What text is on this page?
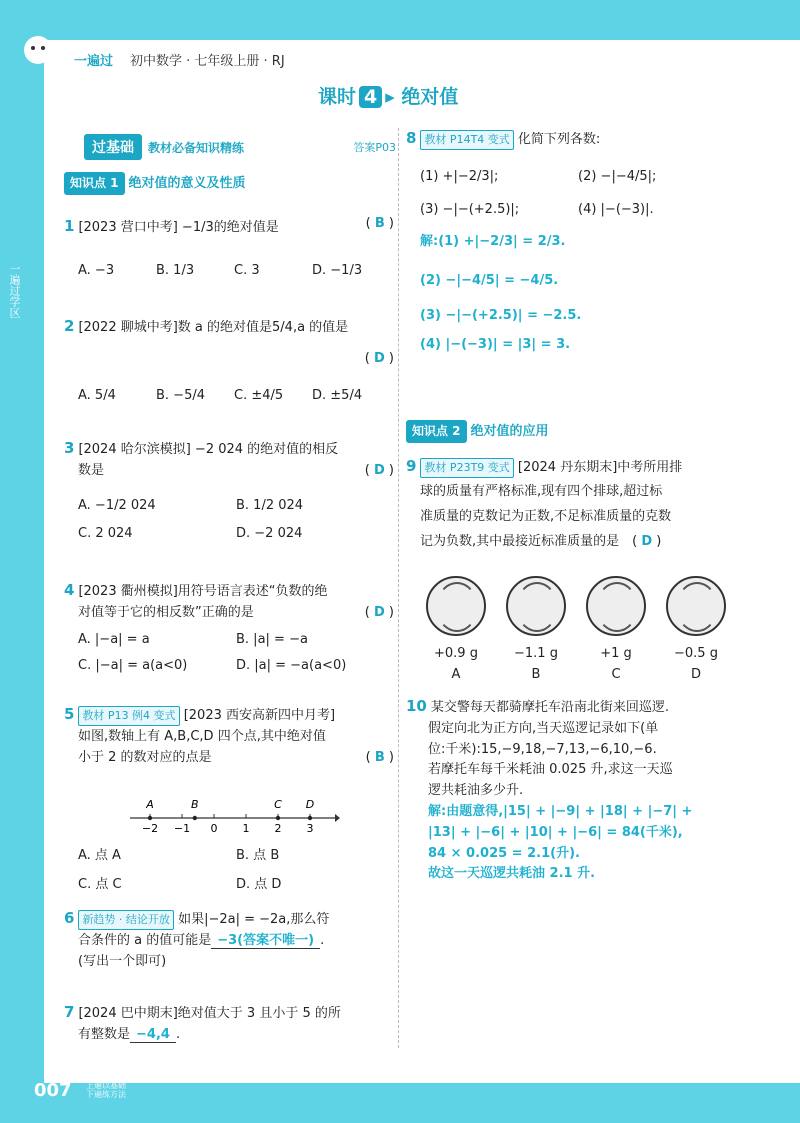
一遍过 初中数学 · 七年级上册 · RJ
一遍过学区
课时 4 ▸ 绝对值
过基础 教材必备知识精练	答案P03
知识点 1 绝对值的意义及性质
1 [2023 营口中考] −1/3的绝对值是	( B )
A. −3	B. 1/3	C. 3	D. −1/3
2 [2022 聊城中考]数 a 的绝对值是5/4,a 的值是
( D )
A. 5/4	B. −5/4 C. ±4/5 D. ±5/4
3 [2024 哈尔滨模拟] −2 024 的绝对值的相反
数是	( D )
A. −1/2 024	B. 1/2 024
C. 2 024	D. −2 024
4 [2023 衢州模拟]用符号语言表述“负数的绝
对值等于它的相反数”正确的是	( D )
A. |−a| = a	B. |a| = −a
C. |−a| = a(a<0)	D. |a| = −a(a<0)
5 教材 P13 例4 变式 [2023 西安高新四中月考]
如图,数轴上有 A,B,C,D 四个点,其中绝对值
小于 2 的数对应的点是	( B )
−2 −1 0 1 2 3
A	B	C D
A. 点 A	B. 点 B
C. 点 C	D. 点 D
6 新趋势 · 结论开放 如果|−2a| = −2a,那么符
合条件的 a 的值可能是 −3(答案不唯一) .
(写出一个即可)
7 [2024 巴中期末]绝对值大于 3 且小于 5 的所
有整数是 −4,4 .
8 教材 P14T4 变式 化简下列各数:
(1) +|−2/3|;	(2) −|−4/5|;
(3) −|−(+2.5)|;	(4) |−(−3)|.
解:(1) +|−2/3| = 2/3.
(2) −|−4/5| = −4/5.
(3) −|−(+2.5)| = −2.5.
(4) |−(−3)| = |3| = 3.
知识点 2 绝对值的应用
9 教材 P23T9 变式 [2024 丹东期末]中考所用排
球的质量有严格标准,现有四个排球,超过标
准质量的克数记为正数,不足标准质量的克数
记为负数,其中最接近标准质量的是　( D )
+0.9 g
A
−1.1 g
B
+1 g
C
−0.5 g
D
10 某交警每天都骑摩托车沿南北街来回巡逻.
假定向北为正方向,当天巡逻记录如下(单
位:千米):15,−9,18,−7,13,−6,10,−6.
若摩托车每千米耗油 0.025 升,求这一天巡
逻共耗油多少升.
解:由题意得,|15| + |−9| + |18| + |−7| +
|13| + |−6| + |10| + |−6| = 84(千米),
84 × 0.025 = 2.1(升).
故这一天巡逻共耗油 2.1 升.
007 上遍以基础
下遍练方法
